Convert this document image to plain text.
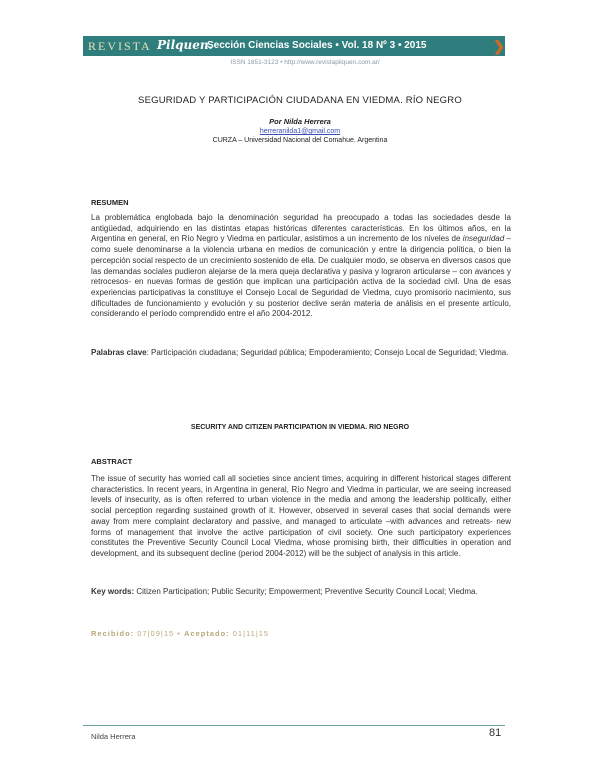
REVISTA Pilquen.
Sección Ciencias Sociales • Vol. 18 Nº 3 • 2015	❯
ISSN 1851-3123 • http://www.revistapilquen.com.ar/
SEGURIDAD Y PARTICIPACIÓN CIUDADANA EN VIEDMA. RÍO NEGRO
Por Nilda Herrera
herreranilda1@gmail.com
CURZA – Universidad Nacional del Comahue. Argentina
RESUMEN
La problemática englobada bajo la denominación seguridad ha preocupado a todas las sociedades desde la antigüedad, adquiriendo en las distintas etapas históricas diferentes características. En los últimos años, en la Argentina en general, en Río Negro y Viedma en particular, asistimos a un incremento de los niveles de inseguridad – como suele denominarse a la violencia urbana en medios de comunicación y entre la dirigencia política, o bien la percepción social respecto de un crecimiento sostenido de ella. De cualquier modo, se observa en diversos casos que las demandas sociales pudieron alejarse de la mera queja declarativa y pasiva y lograron articularse – con avances y retrocesos- en nuevas formas de gestión que implican una participación activa de la sociedad civil. Una de esas experiencias participativas la constituye el Consejo Local de Seguridad de Viedma, cuyo promisorio nacimiento, sus dificultades de funcionamiento y evolución y su posterior declive serán materia de análisis en el presente artículo, considerando el período comprendido entre el año 2004-2012.
Palabras clave: Participación ciudadana; Seguridad pública; Empoderamiento; Consejo Local de Seguridad; Viedma.
SECURITY AND CITIZEN PARTICIPATION IN VIEDMA. RIO NEGRO
ABSTRACT
The issue of security has worried call all societies since ancient times, acquiring in different historical stages different characteristics. In recent years, in Argentina in general, Río Negro and Viedma in particular, we are seeing increased levels of insecurity, as is often referred to urban violence in the media and among the leadership politically, either social perception regarding sustained growth of it. However, observed in several cases that social demands were away from mere complaint declaratory and passive, and managed to articulate –with advances and retreats- new forms of management that involve the active participation of civil society. One such participatory experiences constitutes the Preventive Security Council Local Viedma, whose promising birth, their difficulties in operation and development, and its subsequent decline (period 2004-2012) will be the subject of analysis in this article.
Key words: Citizen Participation; Public Security; Empowerment; Preventive Security Council Local; Viedma.
Recibido: 07|09|15 • Aceptado: 01|11|15
Nilda Herrera	81
